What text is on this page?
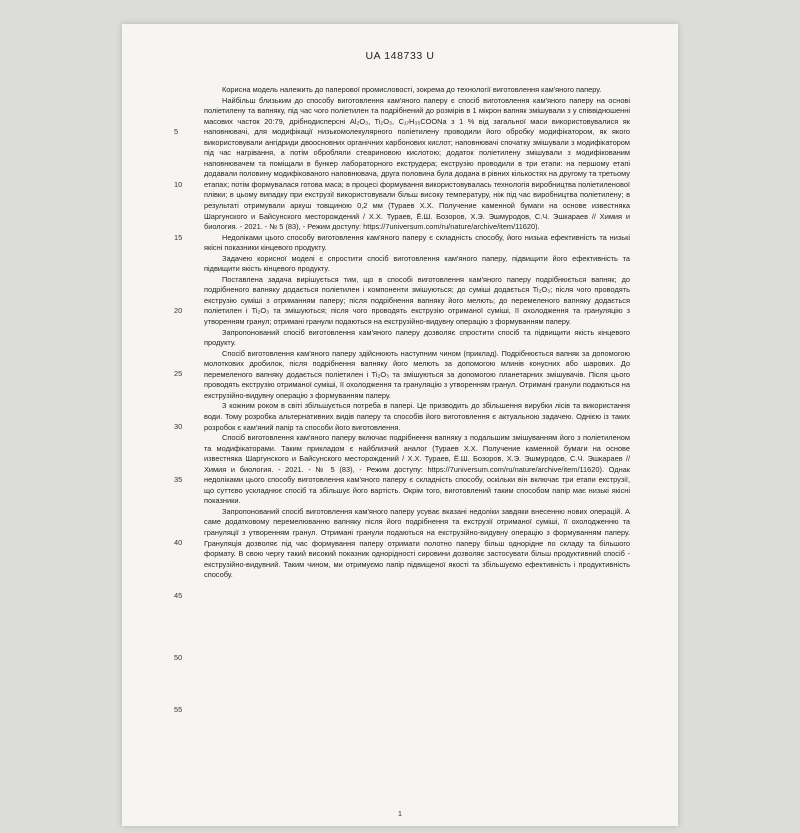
UA 148733 U
5
10
15
20
25
30
35
40
45
50
55

Корисна модель належить до паперової промисловості, зокрема до технології виготовлення кам'яного паперу.

Найбільш близьким до способу виготовлення кам'яного паперу є спосіб виготовлення кам'яного паперу на основі поліетилену та вапняку, під час чого поліетилен та подрібнений до розмірів в 1 мікрон вапняк змішували з у співвідношенні масових часток 20:79, дрібнодисперсні Al₂O₃, Ti₂O₃, C₁₇H₃₅COONa з 1 % від загальної маси використовувалися як наповнювачі, для модифікації низькомолекулярного поліетилену проводили його обробку модифікатором, як якого використовували ангідриди двоосновних органічних карбонових кислот; наповнювачі спочатку змішували з модифікатором під час нагрівання, а потім обробляли стеариновою кислотою; додаток поліетилену змішували з модифікованим наповнювачем та поміщали в бункер лабораторного екструдера; екструзію проводили в три етапи: на першому етапі додавали половину модифікованого наповнювача, друга половина була додана в рівних кількостях на другому та третьому етапах; потім формувалася готова маса; в процесі формування використовувалась технологія виробництва поліетиленової плівки; в цьому випадку при екструзії використовували більш високу температуру, ніж під час виробництва поліетилену; в результаті отримували аркуш товщиною 0,2 мм (Тураев Х.Х. Получение каменной бумаги на основе известняка Шаргунского и Байсунского месторождений / Х.Х. Тураев, Ё.Ш. Бозоров, Х.Э. Эшмуродов, С.Ч. Эшкараев // Химия и биология. - 2021. - № 5 (83), - Режим доступу: https://7universum.com/ru/nature/archive/item/11620).

Недоліками цього способу виготовлення кам'яного паперу є складність способу, його низька ефективність та низькі якісні показники кінцевого продукту.

Задачею корисної моделі є спростити спосіб виготовлення кам'яного паперу, підвищити його ефективність та підвищити якість кінцевого продукту.

Поставлена задача вирішується тим, що в способі виготовлення кам'яного паперу подрібнюється вапняк; до подрібненого вапняку додається поліетилен і компоненти змішуються; до суміші додається Ti₂O₃; після чого проводять екструзію суміші з отриманням паперу; після подрібнення вапняку його мелють; до перемеленого вапняку додається поліетилен і Ti₂O₃ та змішуються; після чого проводять екструзію отриманої суміші, її охолодження та грануляцію з утворенням гранул; отримані гранули подаються на екструзійно-видувну операцію з формуванням паперу.

Запропонований спосіб виготовлення кам'яного паперу дозволяє спростити спосіб та підвищити якість кінцевого продукту.

Спосіб виготовлення кам'яного паперу здійснюють наступним чином (приклад). Подрібнюється вапняк за допомогою молоткових дробилок, після подрібнення вапняку його мелють за допомогою млинів конусних або шарових. До перемеленого вапняку додається поліетилен і Ti₂O₃ та змішуються за допомогою планетарних змішувачів. Після цього проводять екструзію отриманої суміші, її охолодження та грануляцію з утворенням гранул. Отримані гранули подаються на екструзійно-видувну операцію з формуванням паперу.

З кожним роком в світі збільшується потреба в папері. Це призводить до збільшення вирубки лісів та використання води. Тому розробка альтернативних видів паперу та способів його виготовлення є актуальною задачею. Однією із таких розробок є кам'яний папір та способи його виготовлення.

Спосіб виготовлення кам'яного паперу включає подрібнення вапняку з подальшим змішуванням його з поліетиленом та модифікаторами. Таким прикладом є найблизчий аналог (Тураев Х.Х. Получение каменной бумаги на основе известняка Шаргунского и Байсунского месторождений / Х.Х. Тураев, Ё.Ш. Бозоров, Х.Э. Эшмуродов, С.Ч. Эшкараев // Химия и биология. - 2021. - № 5 (83), - Режим доступу: https://7universum.com/ru/nature/archive/item/11620). Однак недоліками цього способу виготовлення кам'яного паперу є складність способу, оскільки він включає три етапи екструзії, що суттєво ускладнює спосіб та збільшує його вартість. Окрім того, виготовлений таким способом папір має низькі якісні показники.

Запропонований спосіб виготовлення кам'яного паперу усуває вказані недоліки завдяки внесенню нових операцій. А саме додатковому перемелюванню вапняку після його подрібнення та екструзії отриманої суміші, її охолодженню та грануляції з утворенням гранул. Отримані гранули подаються на екструзійно-видувну операцію з формуванням паперу. Грануляція дозволяє під час формування паперу отримати полотно паперу більш однорідне по складу та більшого формату. В свою чергу такий високий показник однорідності сировини дозволяє застосувати більш продуктивний спосіб - екструзійно-видувний. Таким чином, ми отримуємо папір підвищеної якості та збільшуємо ефективність і продуктивність способу.

1
